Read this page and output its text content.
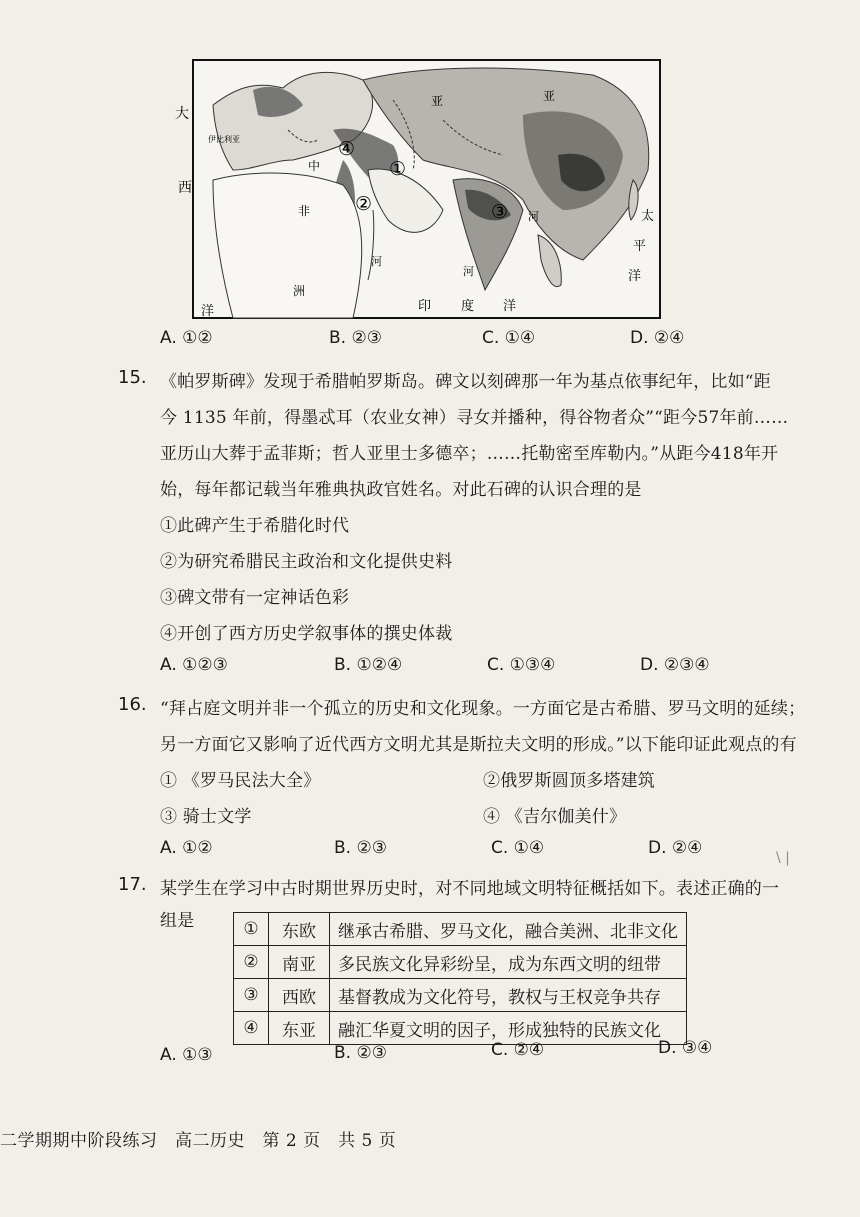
④
①
②	③
大
西
洋
伊比利亚
非
中
洲
河
河
河
亚	亚
印 度 洋
太
平
洋
A. ①②	B. ②③	C. ①④	D. ②④
15. 《帕罗斯碑》发现于希腊帕罗斯岛。碑文以刻碑那一年为基点依事纪年，比如“距
今 1135 年前，得墨忒耳（农业女神）寻女并播种，得谷物者众”“距今57年前……
亚历山大葬于孟菲斯；哲人亚里士多德卒；……托勒密至库勒内。”从距今418年开
始，每年都记载当年雅典执政官姓名。对此石碑的认识合理的是
①此碑产生于希腊化时代
②为研究希腊民主政治和文化提供史料
③碑文带有一定神话色彩
④开创了西方历史学叙事体的撰史体裁
A. ①②③	B. ①②④	C. ①③④	D. ②③④
16. “拜占庭文明并非一个孤立的历史和文化现象。一方面它是古希腊、罗马文明的延续；
另一方面它又影响了近代西方文明尤其是斯拉夫文明的形成。”以下能印证此观点的有
① 《罗马民法大全》	②俄罗斯圆顶多塔建筑
③ 骑士文学	④ 《吉尔伽美什》
A. ①②	B. ②③	C. ①④	D. ②④
17. 某学生在学习中古时期世界历史时，对不同地域文明特征概括如下。表述正确的一
组是	①	东欧	继承古希腊、罗马文化，融合美洲、北非文化
②	南亚	多民族文化异彩纷呈，成为东西文明的纽带
③	西欧	基督教成为文化符号，教权与王权竞争共存
④	东亚	融汇华夏文明的因子，形成独特的民族文化
A. ①③	B. ②③	C. ②④	D. ③④
二学期期中阶段练习　高二历史　第 2 页　共 5 页
\ |
